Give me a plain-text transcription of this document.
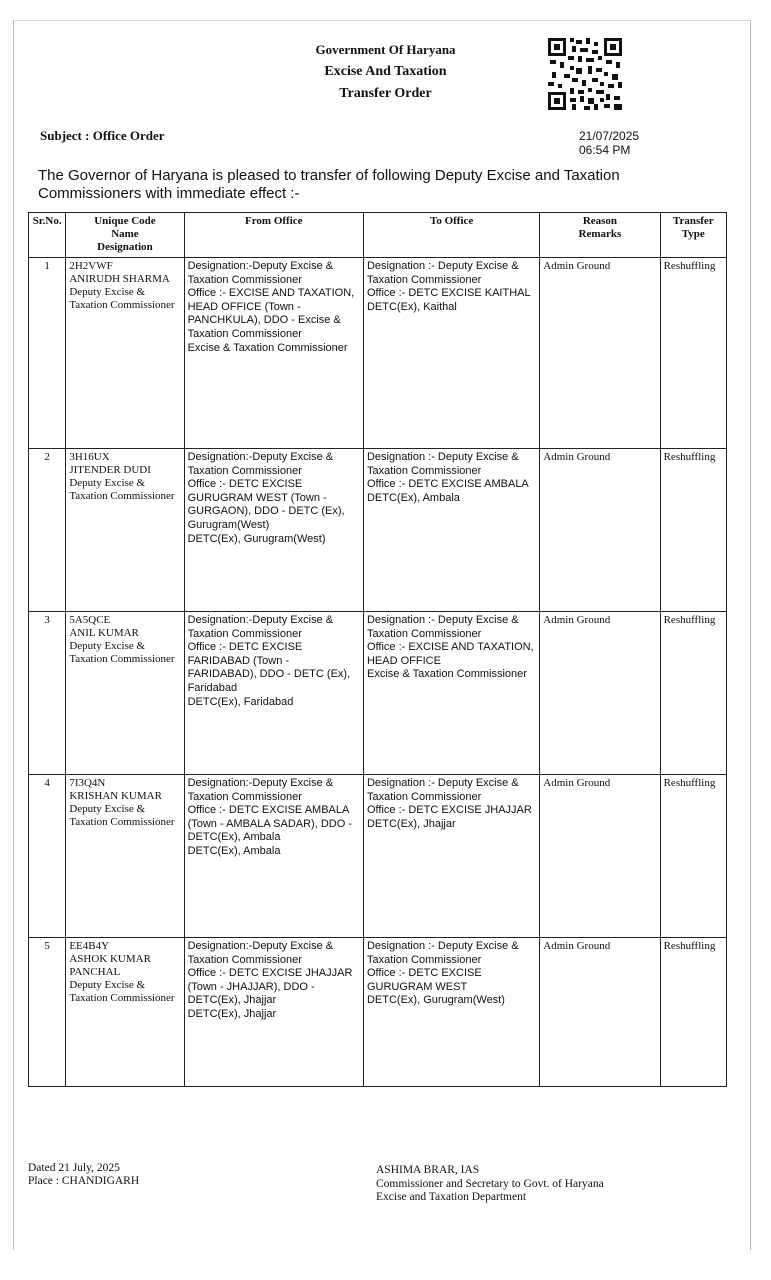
Government Of Haryana
Excise And Taxation
Transfer Order
Subject : Office Order	21/07/2025
06:54 PM
The Governor of Haryana is pleased to transfer of following Deputy Excise and Taxation Commissioners with immediate effect :-
Sr.No.	Unique Code
Name
Designation	From Office	To Office	Reason
Remarks	Transfer
Type

1	2H2VWF
ANIRUDH SHARMA
Deputy Excise & Taxation Commissioner	Designation:-Deputy Excise & Taxation Commissioner
Office :- EXCISE AND TAXATION, HEAD OFFICE (Town - PANCHKULA), DDO - Excise & Taxation Commissioner
Excise & Taxation Commissioner	Designation :- Deputy Excise & Taxation Commissioner
Office :- DETC EXCISE KAITHAL
DETC(Ex), Kaithal	Admin Ground	Reshuffling
2	3H16UX
JITENDER DUDI
Deputy Excise & Taxation Commissioner	Designation:-Deputy Excise & Taxation Commissioner
Office :- DETC EXCISE GURUGRAM WEST (Town - GURGAON), DDO - DETC (Ex), Gurugram(West)
DETC(Ex), Gurugram(West)	Designation :- Deputy Excise & Taxation Commissioner
Office :- DETC EXCISE AMBALA
DETC(Ex), Ambala	Admin Ground	Reshuffling
3	5A5QCE
ANIL KUMAR
Deputy Excise & Taxation Commissioner	Designation:-Deputy Excise & Taxation Commissioner
Office :- DETC EXCISE FARIDABAD (Town - FARIDABAD), DDO - DETC (Ex), Faridabad
DETC(Ex), Faridabad	Designation :- Deputy Excise & Taxation Commissioner
Office :- EXCISE AND TAXATION, HEAD OFFICE
Excise & Taxation Commissioner	Admin Ground	Reshuffling
4	7I3Q4N
KRISHAN KUMAR
Deputy Excise & Taxation Commissioner	Designation:-Deputy Excise & Taxation Commissioner
Office :- DETC EXCISE AMBALA (Town - AMBALA SADAR), DDO - DETC(Ex), Ambala
DETC(Ex), Ambala	Designation :- Deputy Excise & Taxation Commissioner
Office :- DETC EXCISE JHAJJAR
DETC(Ex), Jhajjar	Admin Ground	Reshuffling
5	EE4B4Y
ASHOK KUMAR PANCHAL
Deputy Excise & Taxation Commissioner	Designation:-Deputy Excise & Taxation Commissioner
Office :- DETC EXCISE JHAJJAR (Town - JHAJJAR), DDO - DETC(Ex), Jhajjar
DETC(Ex), Jhajjar	Designation :- Deputy Excise & Taxation Commissioner
Office :- DETC EXCISE GURUGRAM WEST
DETC(Ex), Gurugram(West)	Admin Ground	Reshuffling
Dated 21 July, 2025
Place : CHANDIGARH
ASHIMA BRAR, IAS
Commissioner and Secretary to Govt. of Haryana
Excise and Taxation Department
